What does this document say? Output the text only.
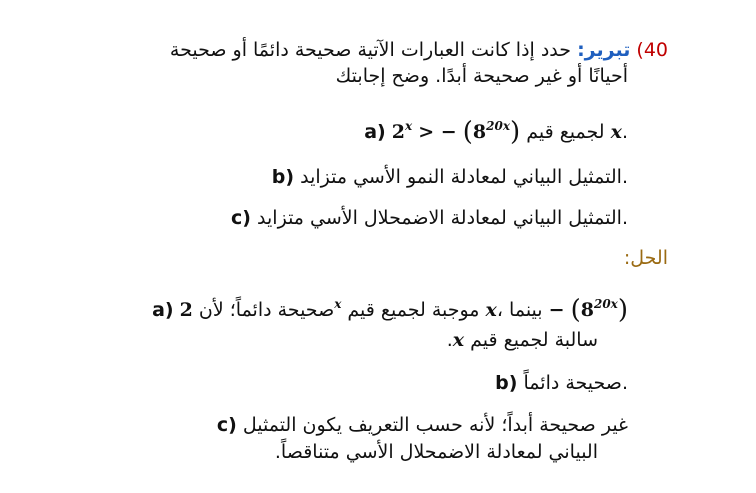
40) تبرير: حدد إذا كانت العبارات الآتية صحيحة دائمًا أو صحيحة
أحيانًا أو غير صحيحة أبدًا. وضح إجابتك
a) $2^x$ > − $(8^{20x})$ لجميع قيم x.
b) التمثيل البياني لمعادلة النمو الأسي متزايد.
c) التمثيل البياني لمعادلة الاضمحلال الأسي متزايد.
الحل:
a) صحيحة دائماً؛ لأن 2	$^x$ موجبة لجميع قيم x، بينما − $(8^{20x})$
سالبة لجميع قيم x.
b) صحيحة دائماً.
c) غير صحيحة أبداً؛ لأنه حسب التعريف يكون التمثيل
البياني لمعادلة الاضمحلال الأسي متناقصاً.
